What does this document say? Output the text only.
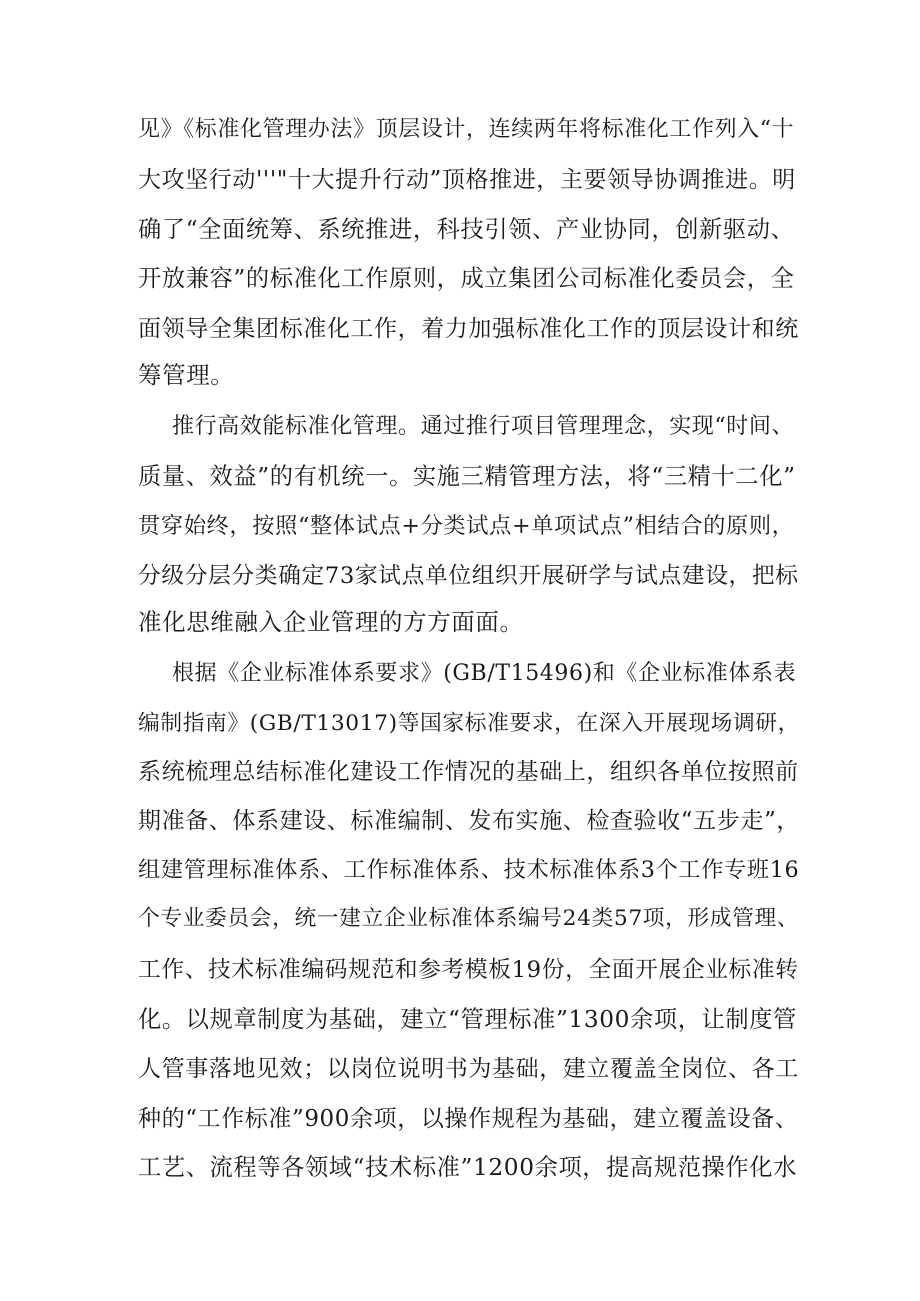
见》《标准化管理办法》顶层设计，连续两年将标准化工作列入“十
大攻坚行动'''"十大提升行动”顶格推进，主要领导协调推进。明
确了“全面统筹、系统推进，科技引领、产业协同，创新驱动、
开放兼容”的标准化工作原则，成立集团公司标准化委员会，全
面领导全集团标准化工作，着力加强标准化工作的顶层设计和统
筹管理。
推行高效能标准化管理。通过推行项目管理理念，实现“时间、
质量、效益”的有机统一。实施三精管理方法，将“三精十二化”
贯穿始终，按照“整体试点+分类试点+单项试点”相结合的原则，
分级分层分类确定73家试点单位组织开展研学与试点建设，把标
准化思维融入企业管理的方方面面。
根据《企业标准体系要求》(GB/T15496)和《企业标准体系表
编制指南》(GB/T13017)等国家标准要求，在深入开展现场调研，
系统梳理总结标准化建设工作情况的基础上，组织各单位按照前
期准备、体系建设、标准编制、发布实施、检查验收“五步走”，
组建管理标准体系、工作标准体系、技术标准体系3个工作专班16
个专业委员会，统一建立企业标准体系编号24类57项，形成管理、
工作、技术标准编码规范和参考模板19份，全面开展企业标准转
化。以规章制度为基础，建立“管理标准”1300余项，让制度管
人管事落地见效；以岗位说明书为基础，建立覆盖全岗位、各工
种的“工作标准”900余项，以操作规程为基础，建立覆盖设备、
工艺、流程等各领域“技术标准”1200余项，提高规范操作化水
